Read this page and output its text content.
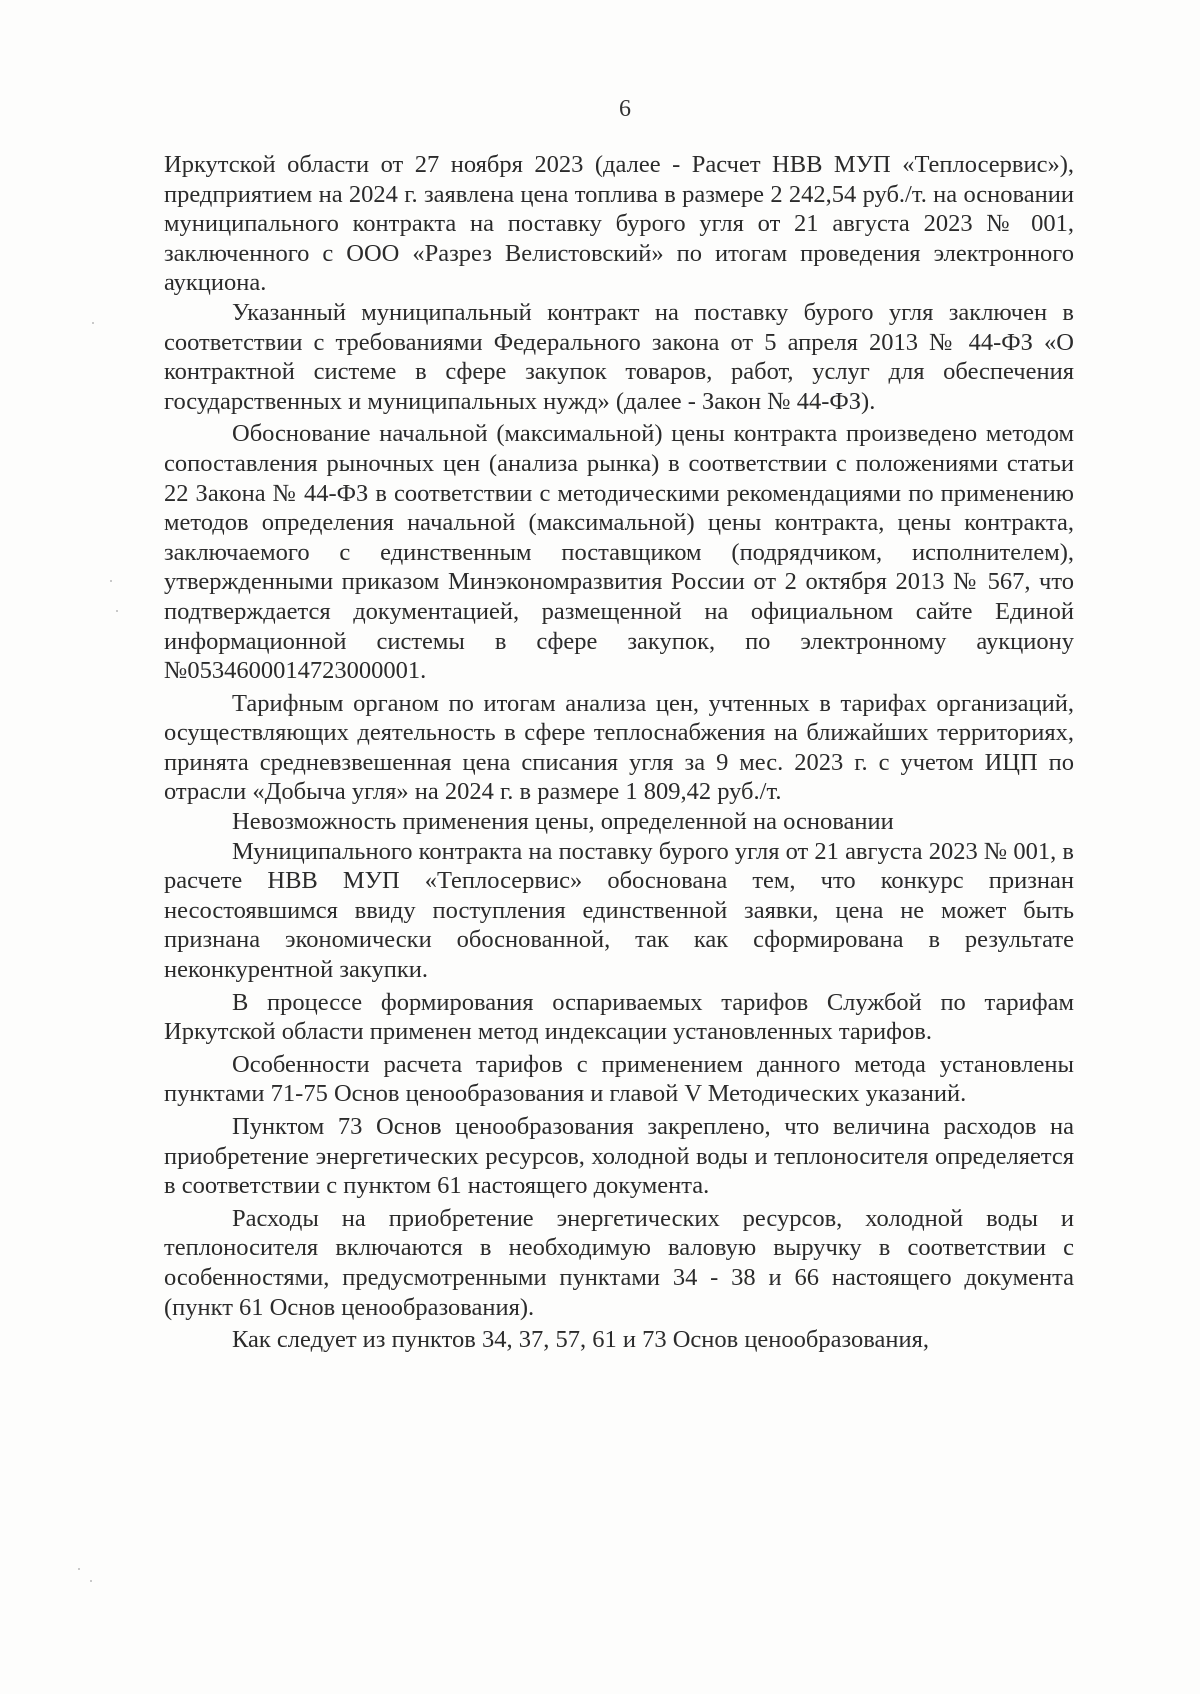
6

Иркутской области от 27 ноября 2023 (далее - Расчет НВВ МУП «Теплосервис»), предприятием на 2024 г. заявлена цена топлива в размере 2 242,54 руб./т. на основании муниципального контракта на поставку бурого угля от 21 августа 2023 № 001, заключенного с ООО «Разрез Велистовский» по итогам проведения электронного аукциона.

Указанный муниципальный контракт на поставку бурого угля заключен в соответствии с требованиями Федерального закона от 5 апреля 2013 № 44-ФЗ «О контрактной системе в сфере закупок товаров, работ, услуг для обеспечения государственных и муниципальных нужд» (далее - Закон № 44-ФЗ).

Обоснование начальной (максимальной) цены контракта произведено методом сопоставления рыночных цен (анализа рынка) в соответствии с положениями статьи 22 Закона № 44-ФЗ в соответствии с методическими рекомендациями по применению методов определения начальной (максимальной) цены контракта, цены контракта, заключаемого с единственным поставщиком (подрядчиком, исполнителем), утвержденными приказом Минэкономразвития России от 2 октября 2013 № 567, что подтверждается документацией, размещенной на официальном сайте Единой информационной системы в сфере закупок, по электронному аукциону №0534600014723000001.

Тарифным органом по итогам анализа цен, учтенных в тарифах организаций, осуществляющих деятельность в сфере теплоснабжения на ближайших территориях, принята средневзвешенная цена списания угля за 9 мес. 2023 г. с учетом ИЦП по отрасли «Добыча угля» на 2024 г. в размере 1 809,42 руб./т.

Невозможность применения цены, определенной на основании

Муниципального контракта на поставку бурого угля от 21 августа 2023 № 001, в расчете НВВ МУП «Теплосервис» обоснована тем, что конкурс признан несостоявшимся ввиду поступления единственной заявки, цена не может быть признана экономически обоснованной, так как сформирована в результате неконкурентной закупки.

В процессе формирования оспариваемых тарифов Службой по тарифам Иркутской области применен метод индексации установленных тарифов.

Особенности расчета тарифов с применением данного метода установлены пунктами 71-75 Основ ценообразования и главой V Методических указаний.

Пунктом 73 Основ ценообразования закреплено, что величина расходов на приобретение энергетических ресурсов, холодной воды и теплоносителя определяется в соответствии с пунктом 61 настоящего документа.

Расходы на приобретение энергетических ресурсов, холодной воды и теплоносителя включаются в необходимую валовую выручку в соответствии с особенностями, предусмотренными пунктами 34 - 38 и 66 настоящего документа (пункт 61 Основ ценообразования).

Как следует из пунктов 34, 37, 57, 61 и 73 Основ ценообразования,
